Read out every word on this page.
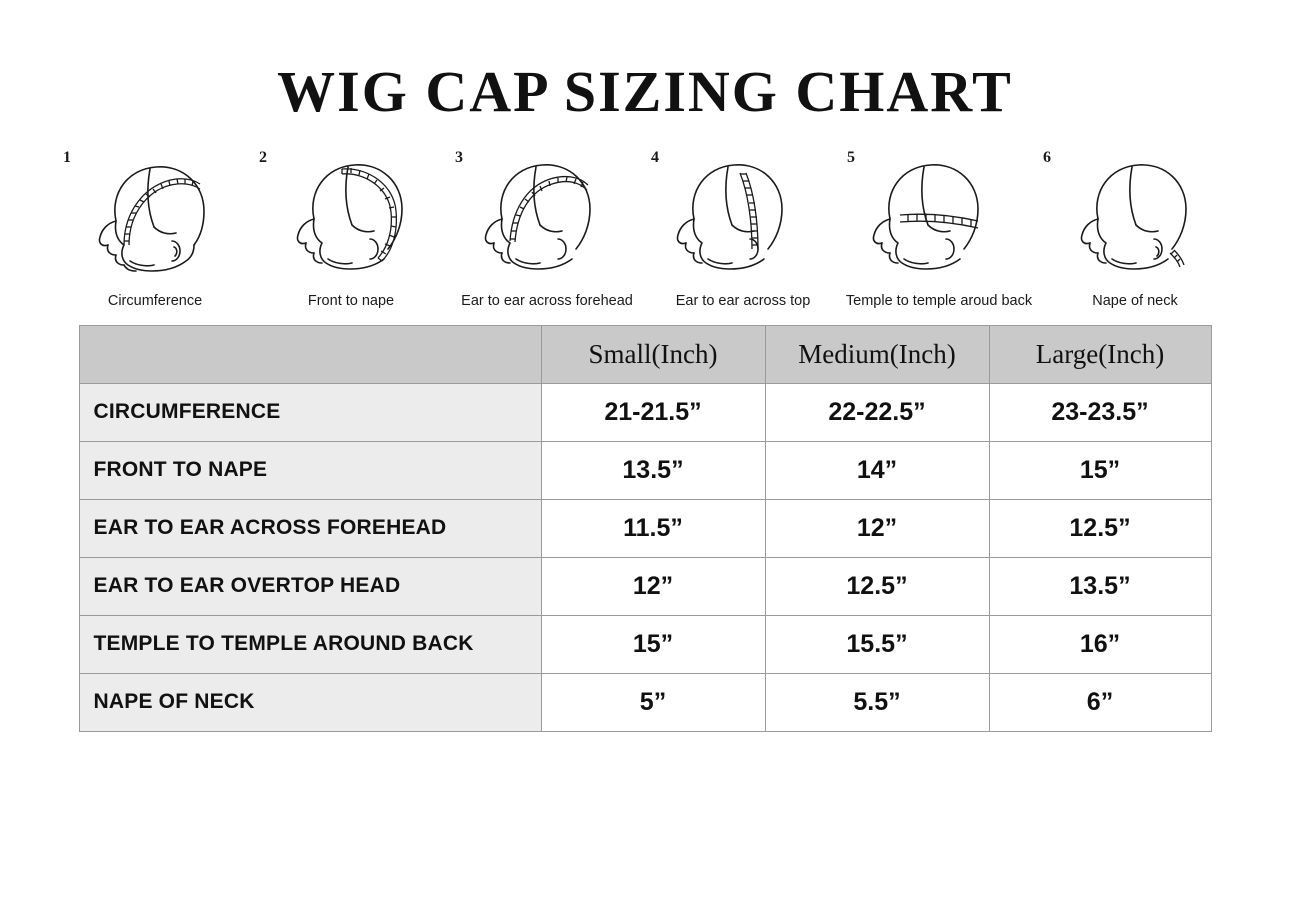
WIG CAP SIZING CHART
1
Circumference
2
Front to nape
3
Ear to ear across forehead
4
Ear to ear across top
5
Temple to temple aroud back
6
Nape of neck
	Small(Inch)	Medium(Inch)	Large(Inch)
CIRCUMFERENCE	21-21.5”	22-22.5”	23-23.5”
FRONT TO NAPE	13.5”	14”	15”
EAR TO EAR ACROSS FOREHEAD	11.5”	12”	12.5”
EAR TO EAR OVERTOP HEAD	12”	12.5”	13.5”
TEMPLE TO TEMPLE AROUND BACK	15”	15.5”	16”
NAPE OF NECK	5”	5.5”	6”
